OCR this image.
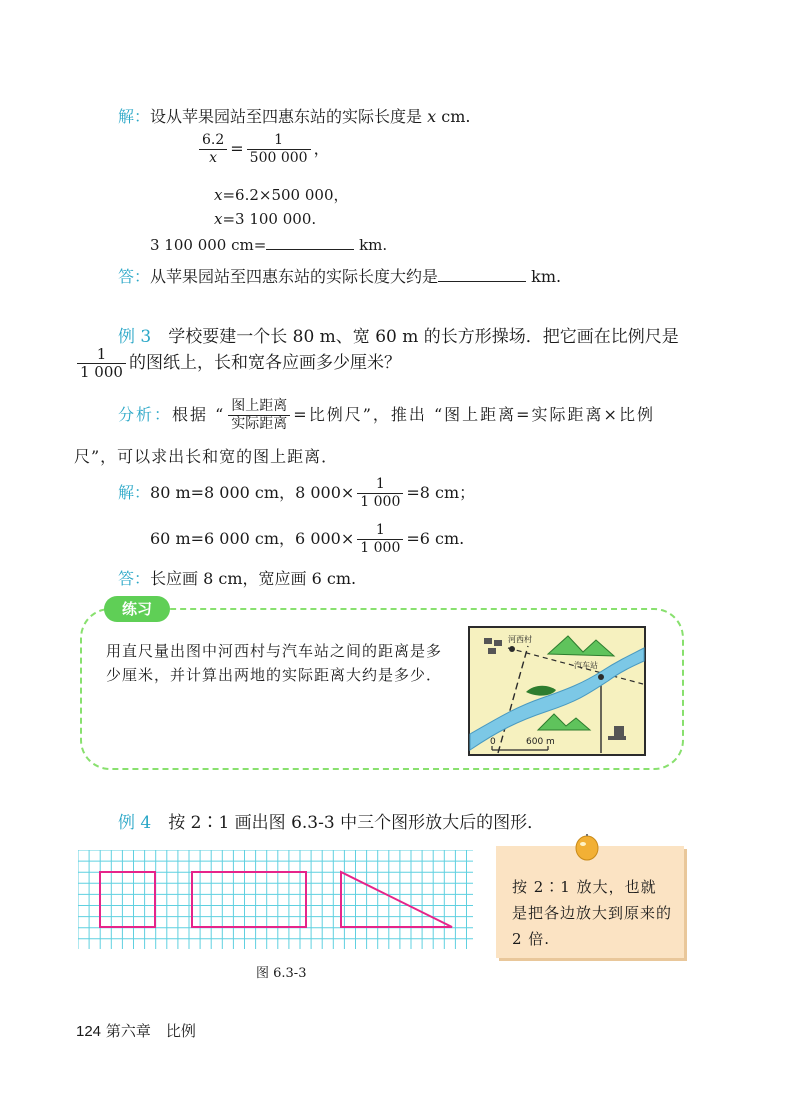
解：设从苹果园站至四惠东站的实际长度是 x cm.
$\frac{6.2}{x} = \frac{1}{500 000}$ ，
x=6.2×500 000，
x=3 100 000.
3 100 000 cm=	km.
答：从苹果园站至四惠东站的实际长度大约是	km.
例 3　 学校要建一个长 80 m、宽 60 m 的长方形操场．把它画在比例尺是
$\frac{1}{1 000}$ 的图纸上，长和宽各应画多少厘米？
分析：根据 “ $\frac{\text{图上距离}}{\text{实际距离}}$ =比例尺”，推出 “图上距离=实际距离×比例
尺”，可以求出长和宽的图上距离．
解：80 m=8 000 cm，8 $000\times \frac{1}{1 000} =8$ cm；
60 m=6 000 cm，6 $000\times \frac{1}{1 000} =6$ cm.
答：长应画 8 cm，宽应画 6 cm.
练习
用直尺量出图中河西村与汽车站之间的距离是多
少厘米，并计算出两地的实际距离大约是多少．
河西村
汽车站
0	600 m
例 4　 按 2∶1 画出图 6.3-3 中三个图形放大后的图形．
图 6.3-3
按 2∶1 放大，也就是把各边放大到原来的 2 倍.
124 第六章　比例
